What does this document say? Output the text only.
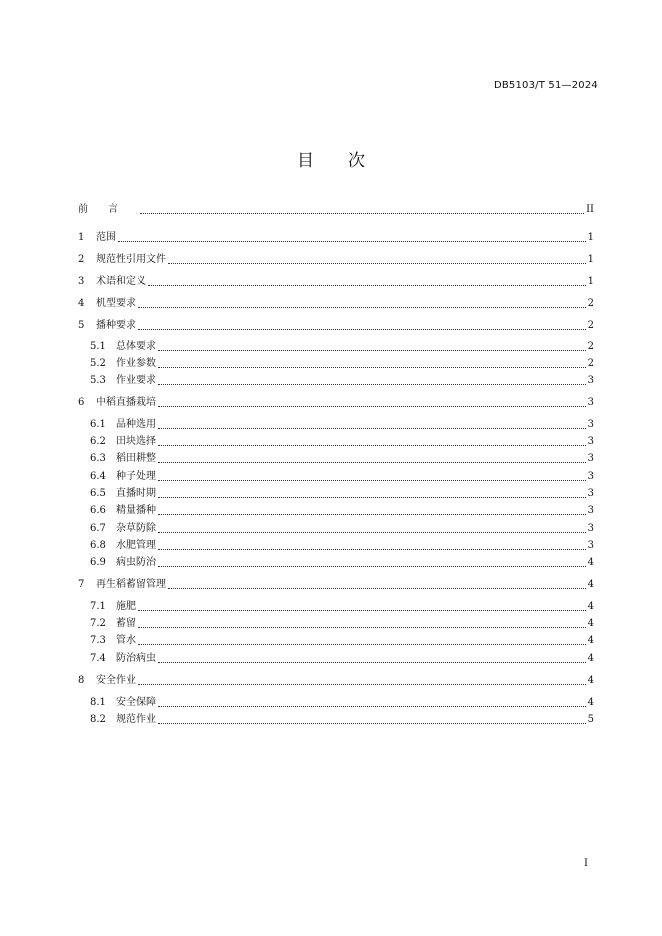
DB5103/T 51—2024
目次
前言	II
1	范围	1
2	规范性引用文件	1
3	术语和定义	1
4	机型要求	2
5	播种要求	2
5.1	总体要求	2
5.2	作业参数	2
5.3	作业要求	3
6	中稻直播栽培	3
6.1	品种选用	3
6.2	田块选择	3
6.3	稻田耕整	3
6.4	种子处理	3
6.5	直播时期	3
6.6	精量播种	3
6.7	杂草防除	3
6.8	水肥管理	3
6.9	病虫防治	4
7	再生稻蓄留管理	4
7.1	施肥	4
7.2	蓄留	4
7.3	管水	4
7.4	防治病虫	4
8	安全作业	4
8.1	安全保障	4
8.2	规范作业	5
I
